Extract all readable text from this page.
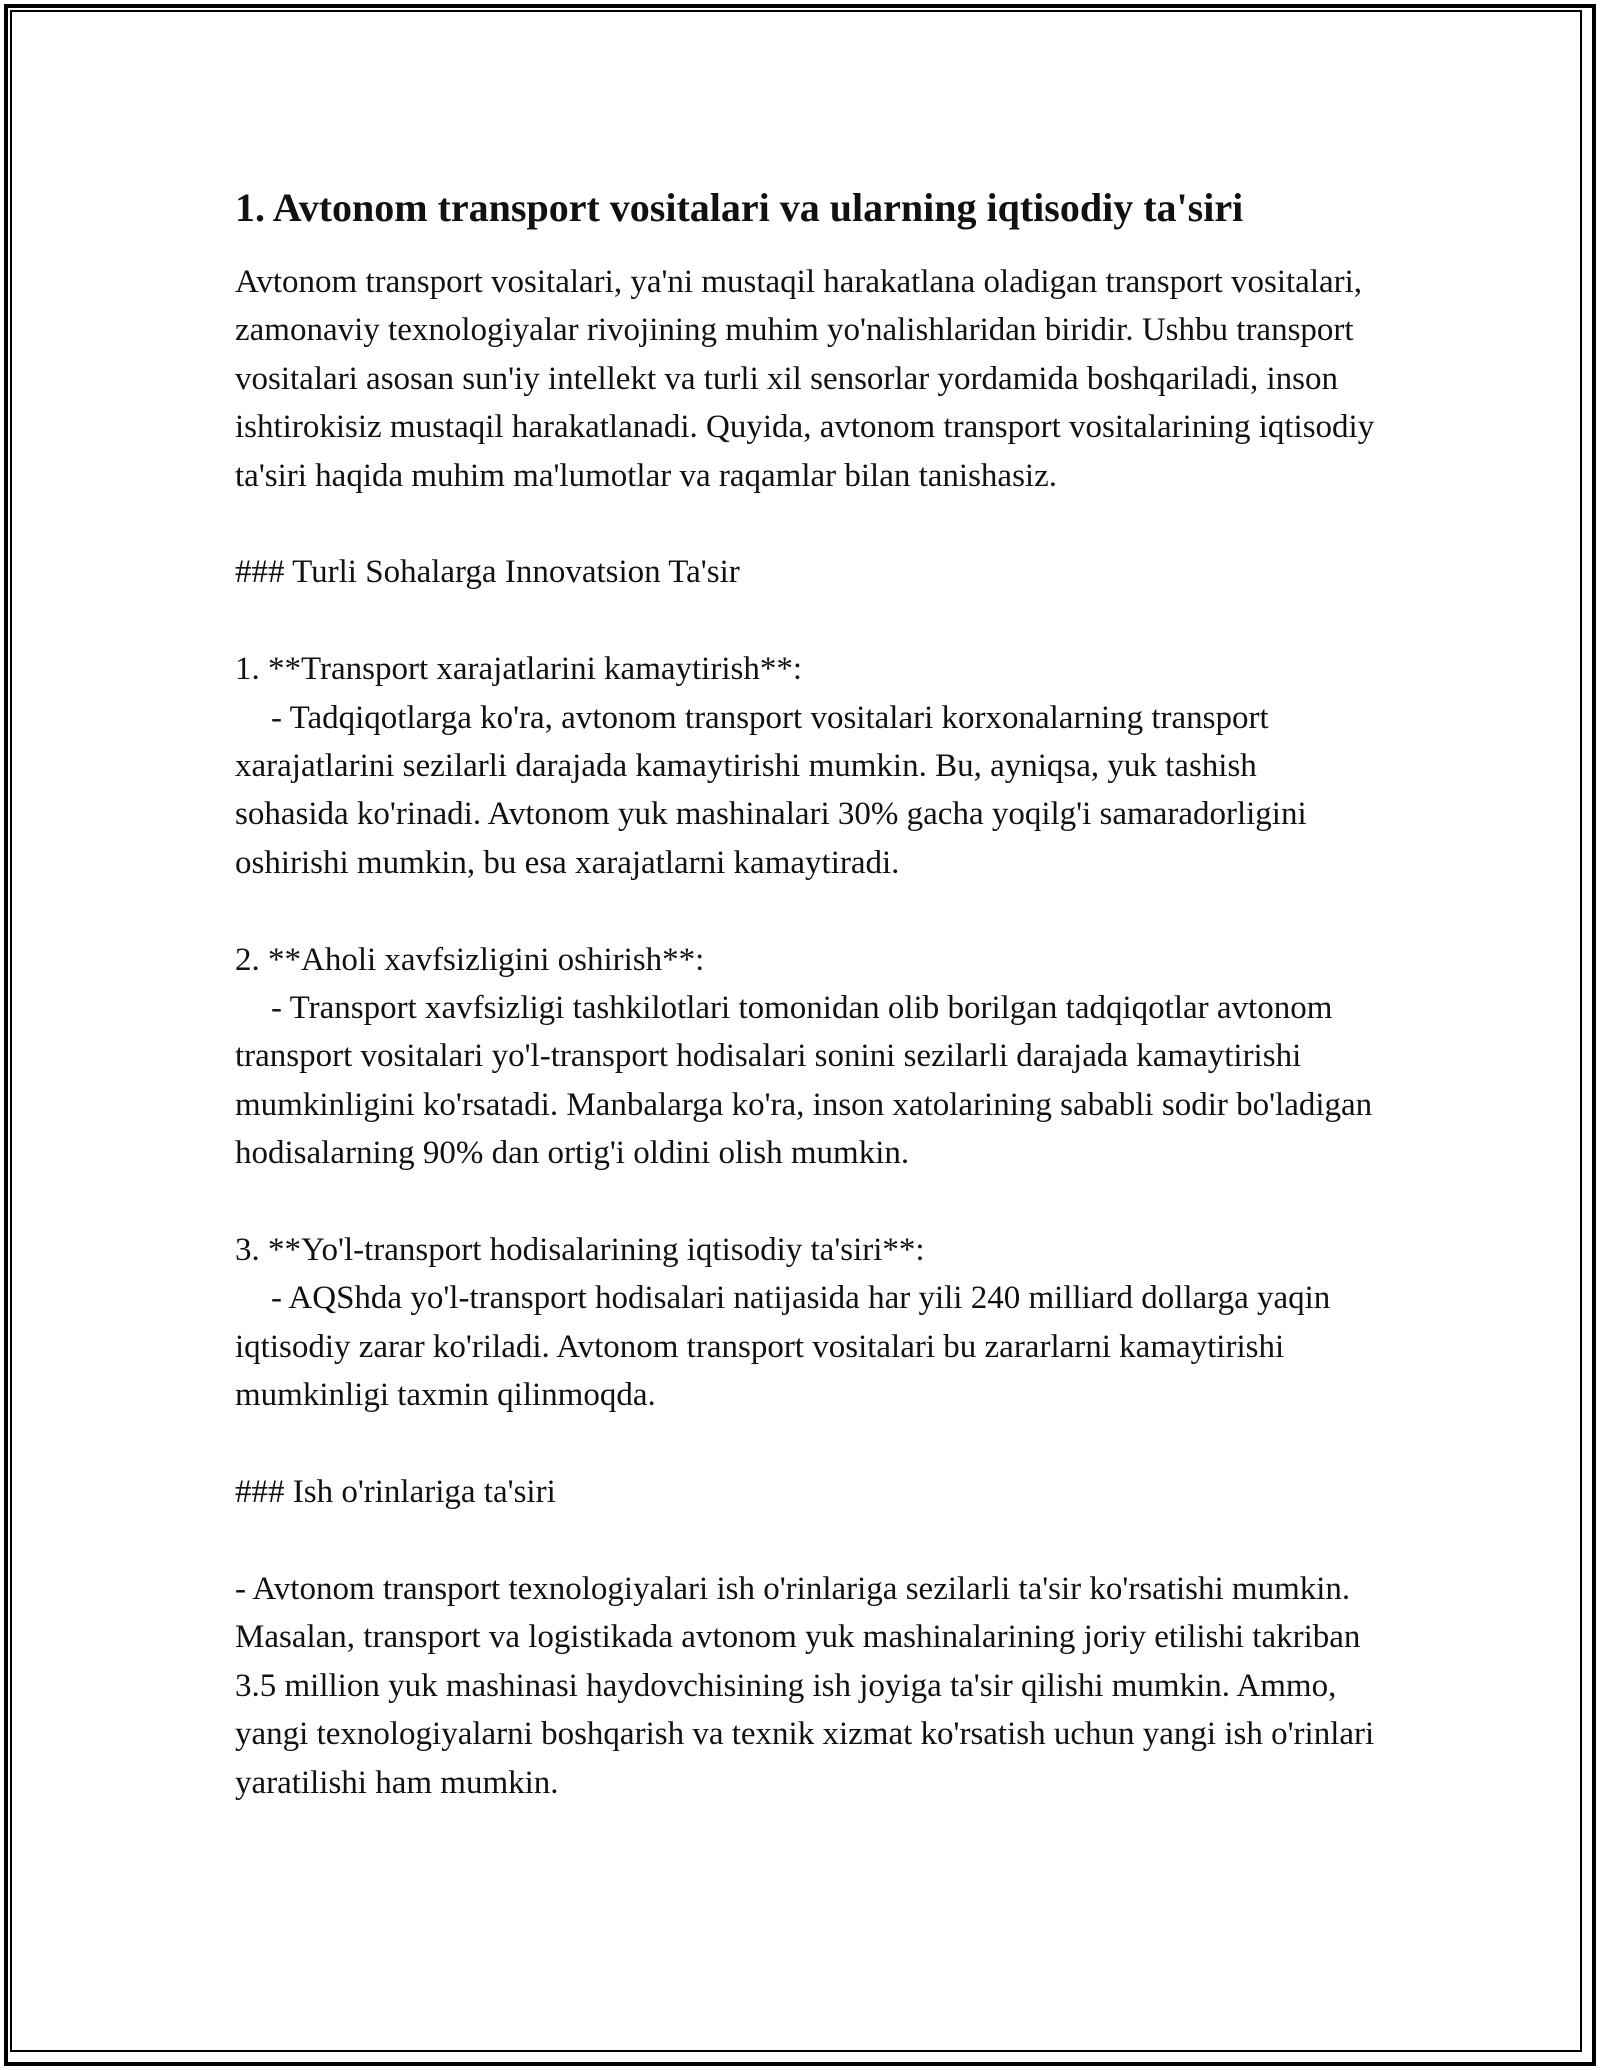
1. Avtonom transport vositalari va ularning iqtisodiy ta'siri

Avtonom transport vositalari, ya'ni mustaqil harakatlana oladigan transport vositalari, zamonaviy texnologiyalar rivojining muhim yo'nalishlaridan biridir. Ushbu transport vositalari asosan sun'iy intellekt va turli xil sensorlar yordamida boshqariladi, inson ishtirokisiz mustaqil harakatlanadi. Quyida, avtonom transport vositalarining iqtisodiy ta'siri haqida muhim ma'lumotlar va raqamlar bilan tanishasiz.

### Turli Sohalarga Innovatsion Ta'sir

1. **Transport xarajatlarini kamaytirish**:

- Tadqiqotlarga ko'ra, avtonom transport vositalari korxonalarning transport xarajatlarini sezilarli darajada kamaytirishi mumkin. Bu, ayniqsa, yuk tashish sohasida ko'rinadi. Avtonom yuk mashinalari 30% gacha yoqilg'i samaradorligini oshirishi mumkin, bu esa xarajatlarni kamaytiradi.

2. **Aholi xavfsizligini oshirish**:

- Transport xavfsizligi tashkilotlari tomonidan olib borilgan tadqiqotlar avtonom transport vositalari yo'l-transport hodisalari sonini sezilarli darajada kamaytirishi mumkinligini ko'rsatadi. Manbalarga ko'ra, inson xatolarining sababli sodir bo'ladigan hodisalarning 90% dan ortig'i oldini olish mumkin.

3. **Yo'l-transport hodisalarining iqtisodiy ta'siri**:

- AQShda yo'l-transport hodisalari natijasida har yili 240 milliard dollarga yaqin iqtisodiy zarar ko'riladi. Avtonom transport vositalari bu zararlarni kamaytirishi mumkinligi taxmin qilinmoqda.

### Ish o'rinlariga ta'siri

- Avtonom transport texnologiyalari ish o'rinlariga sezilarli ta'sir ko'rsatishi mumkin. Masalan, transport va logistikada avtonom yuk mashinalarining joriy etilishi takriban 3.5 million yuk mashinasi haydovchisining ish joyiga ta'sir qilishi mumkin. Ammo, yangi texnologiyalarni boshqarish va texnik xizmat ko'rsatish uchun yangi ish o'rinlari yaratilishi ham mumkin.
